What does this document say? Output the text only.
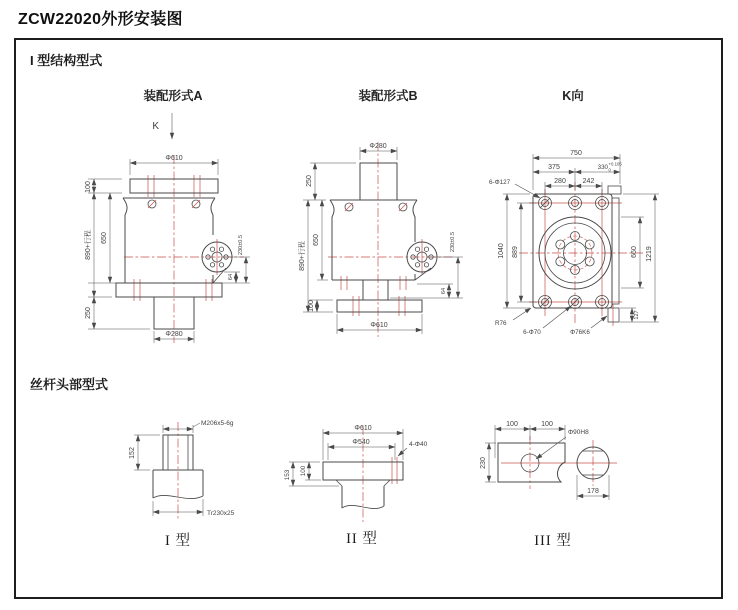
ZCW22020外形安装图
I 型结构型式
丝杆头部型式
装配形式A	装配形式B	K向
K
Φ610
100
890+行程 650
250
230±0.5
64
Φ280
Φ280
250
890+行程
650
100
230±0.5
64
Φ610
750
375	330 +0.105
0
280 242
6-Φ127
1040 889	660 1219
127
R76
6-Φ70	Φ76K6
M206x5-6g
152
Tr230x25
Φ610
Φ540	4-Φ40
153 100
100	100
Φ90H8
230
178
I 型	II 型	III 型
